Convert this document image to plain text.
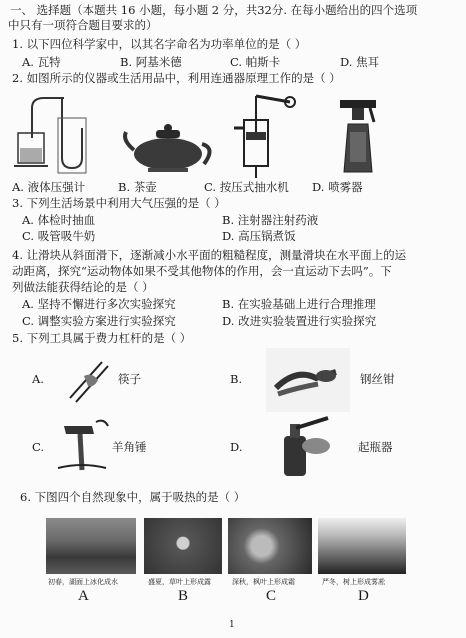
一、 选择题（本题共 16 小题，每小题 2 分，共32分. 在每小题给出的四个选项
中只有一项符合题目要求的）
1. 以下四位科学家中，以其名字命名为功率单位的是（ ）
A. 瓦特	B. 阿基米德	C. 帕斯卡	D. 焦耳
2. 如图所示的仪器或生活用品中，利用连通器原理工作的是（ ）
A. 液体压强计	B. 茶壶	C. 按压式抽水机 D. 喷雾器
3. 下列生活场景中利用大气压强的是（ ）
A. 体检时抽血	B. 注射器注射药液
C. 吸管吸牛奶	D. 高压锅煮饭
4. 让滑块从斜面滑下，逐渐减小水平面的粗糙程度，测量滑块在水平面上的运
动距离，探究“运动物体如果不受其他物体的作用，会一直运动下去吗”。下
列做法能获得结论的是（ ）
A. 坚持不懈进行多次实验探究	B. 在实验基础上进行合理推理
C. 调整实验方案进行实验探究	D. 改进实验装置进行实验探究
5. 下列工具属于费力杠杆的是（ ）
A.	筷子	B.	钢丝钳
C.	羊角锤	D.	起瓶器
6. 下图四个自然现象中，属于吸热的是（ ）
初春，湖面上冰化成水	盛夏，草叶上形成露	深秋，枫叶上形成霜	严冬，树上形成雾凇
A	B	C	D
1
